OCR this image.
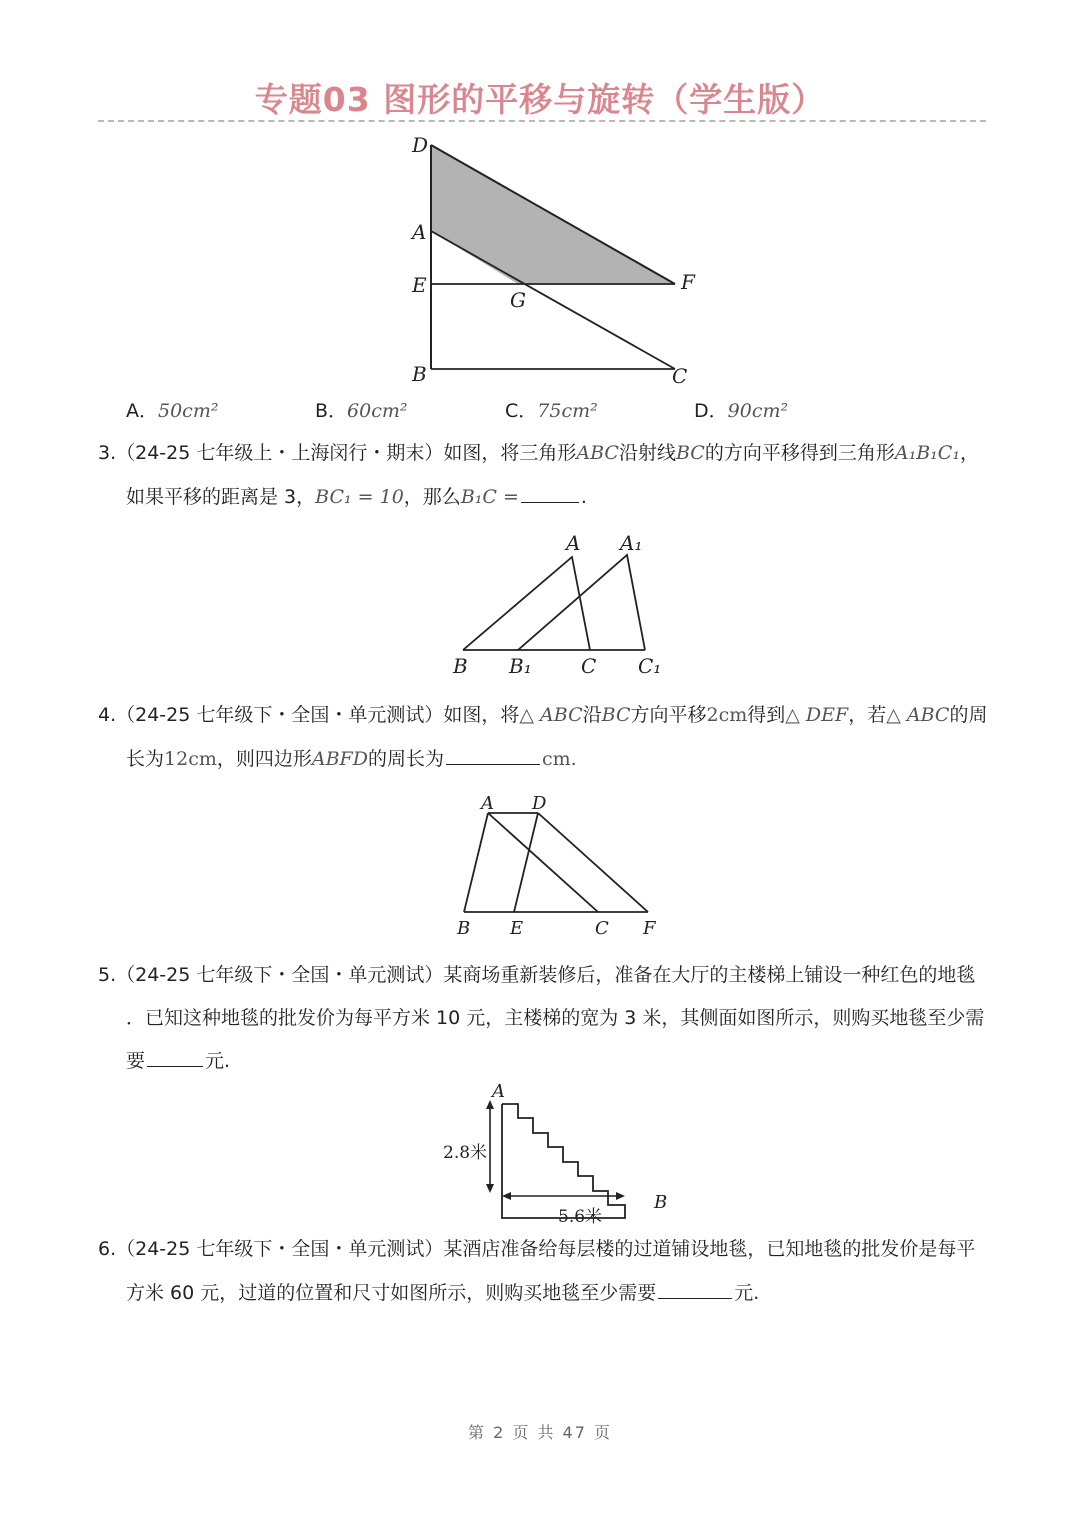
专题03 图形的平移与旋转（学生版）
D
A
E
G
B	C
F
A．50cm²	B．60cm²	C．75cm²	D．90cm²
3.（24-25 七年级上・上海闵行・期末）如图，将三角形ABC沿射线BC的方向平移得到三角形A₁B₁C₁，
如果平移的距离是 3，BC₁ = 10，那么B₁C =	.
A A₁
B B₁ C C₁
4.（24-25 七年级下・全国・单元测试）如图，将△ ABC沿BC方向平移2cm得到△ DEF，若△ ABC的周
长为12cm，则四边形ABFD的周长为	cm.
A D
B E	C F
5.（24-25 七年级下・全国・单元测试）某商场重新装修后，准备在大厅的主楼梯上铺设一种红色的地毯
．已知这种地毯的批发价为每平方米 10 元，主楼梯的宽为 3 米，其侧面如图所示，则购买地毯至少需
要	元.
A
B
2.8米
5.6米
6.（24-25 七年级下・全国・单元测试）某酒店准备给每层楼的过道铺设地毯，已知地毯的批发价是每平
方米 60 元，过道的位置和尺寸如图所示，则购买地毯至少需要	元.
第 2 页 共 47 页
